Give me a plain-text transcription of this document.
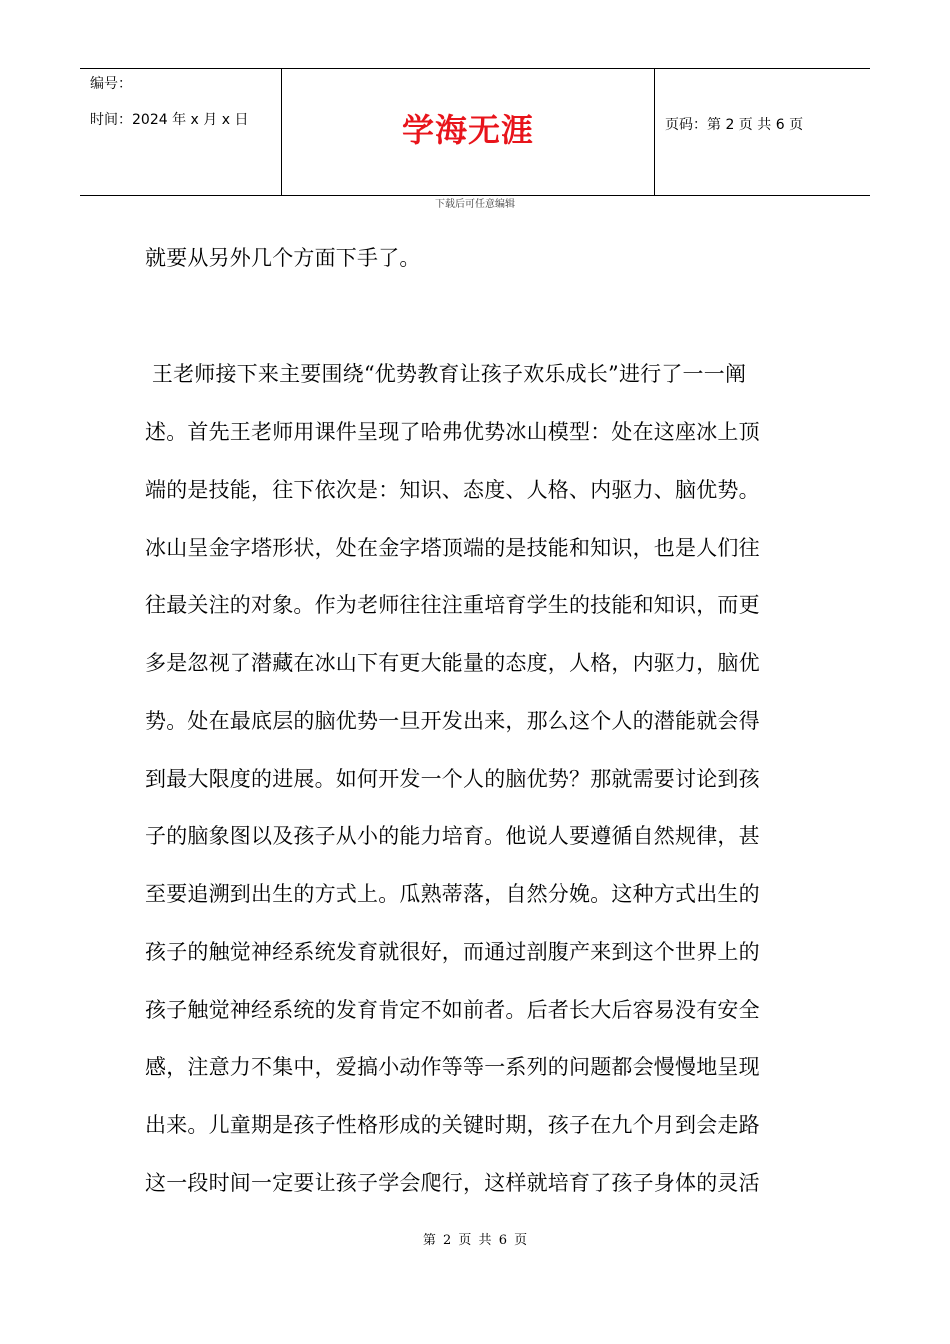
编号：
时间：2024 年 x 月 x 日	学海无涯	页码：第 2 页 共 6 页
下载后可任意编辑
就要从另外几个方面下手了。
王老师接下来主要围绕“优势教育让孩子欢乐成长”进行了一一阐
述。首先王老师用课件呈现了哈弗优势冰山模型：处在这座冰上顶
端的是技能，往下依次是：知识、态度、人格、内驱力、脑优势。
冰山呈金字塔形状，处在金字塔顶端的是技能和知识，也是人们往
往最关注的对象。作为老师往往注重培育学生的技能和知识，而更
多是忽视了潜藏在冰山下有更大能量的态度，人格，内驱力，脑优
势。处在最底层的脑优势一旦开发出来，那么这个人的潜能就会得
到最大限度的进展。如何开发一个人的脑优势？那就需要讨论到孩
子的脑象图以及孩子从小的能力培育。他说人要遵循自然规律，甚
至要追溯到出生的方式上。瓜熟蒂落，自然分娩。这种方式出生的
孩子的触觉神经系统发育就很好，而通过剖腹产来到这个世界上的
孩子触觉神经系统的发育肯定不如前者。后者长大后容易没有安全
感，注意力不集中，爱搞小动作等等一系列的问题都会慢慢地呈现
出来。儿童期是孩子性格形成的关键时期，孩子在九个月到会走路
这一段时间一定要让孩子学会爬行，这样就培育了孩子身体的灵活
第 2 页 共 6 页
